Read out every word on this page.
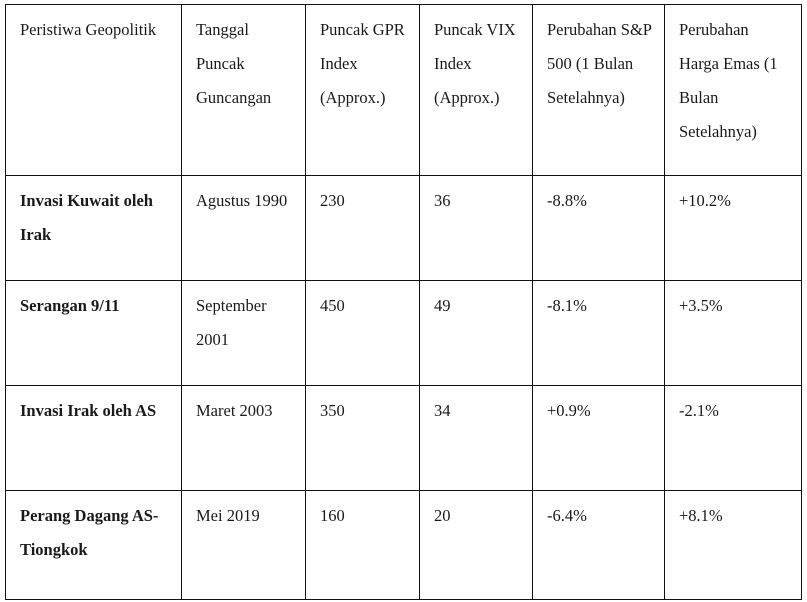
Peristiwa Geopolitik	Tanggal Puncak Guncangan	Puncak GPR Index (Approx.)	Puncak VIX Index (Approx.)	Perubahan S&P 500 (1 Bulan Setelahnya)	Perubahan Harga Emas (1 Bulan Setelahnya)
Invasi Kuwait oleh Irak	Agustus 1990	230	36	-8.8%	+10.2%
Serangan 9/11	September 2001	450	49	-8.1%	+3.5%
Invasi Irak oleh AS	Maret 2003	350	34	+0.9%	-2.1%
Perang Dagang AS-Tiongkok	Mei 2019	160	20	-6.4%	+8.1%
